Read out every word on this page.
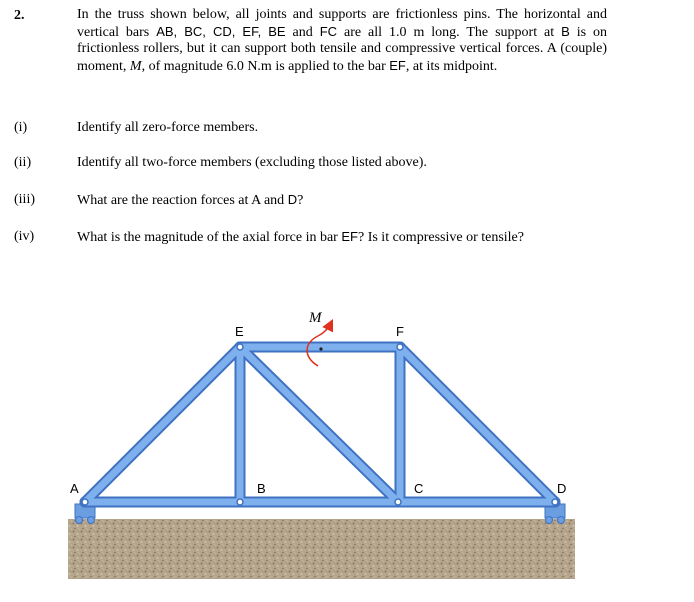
2.	In the truss shown below, all joints and supports are frictionless pins. The horizontal and vertical bars AB, BC, CD, EF, BE and FC are all 1.0 m long. The support at B is on frictionless rollers, but it can support both tensile and compressive vertical forces. A (couple) moment, M, of magnitude 6.0 N.m is applied to the bar EF, at its midpoint.
(i)	Identify all zero-force members.
(ii)	Identify all two-force members (excluding those listed above).
(iii)	What are the reaction forces at A and D?
(iv)	What is the magnitude of the axial force in bar EF? Is it compressive or tensile?
A	B	C	D
E	F
M
